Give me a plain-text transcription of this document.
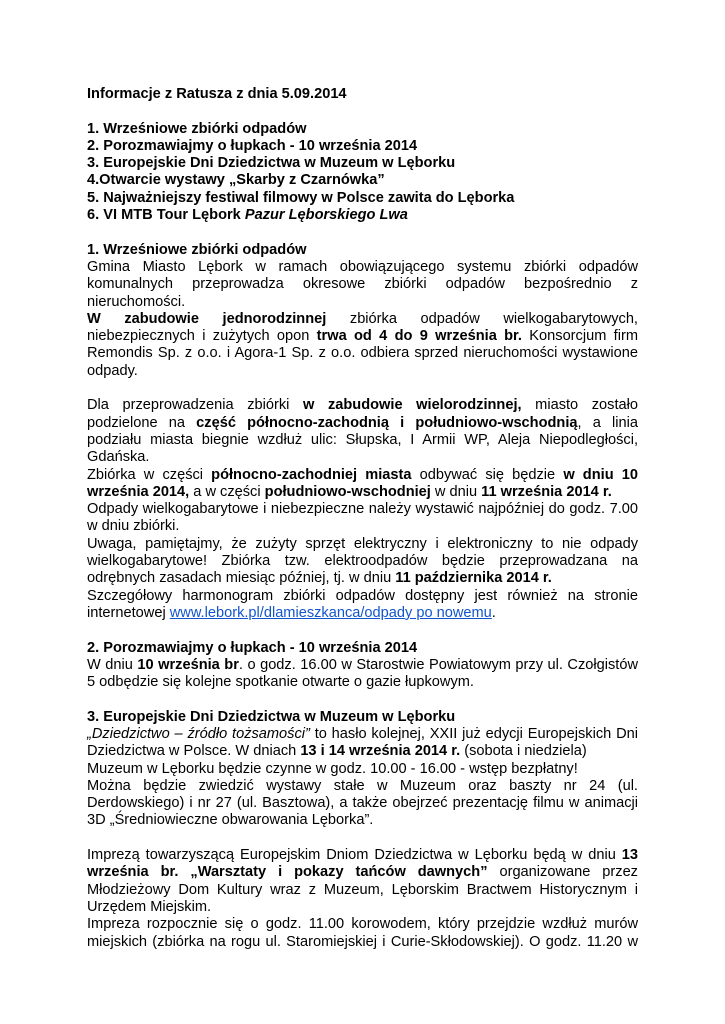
Informacje z Ratusza z dnia 5.09.2014

1. Wrześniowe zbiórki odpadów

2. Porozmawiajmy o łupkach - 10 września 2014

3. Europejskie Dni Dziedzictwa w Muzeum w Lęborku

4.Otwarcie wystawy „Skarby z Czarnówka”

5. Najważniejszy festiwal filmowy w Polsce zawita do Lęborka

6. VI MTB Tour Lębork Pazur Lęborskiego Lwa

1. Wrześniowe zbiórki odpadów

Gmina Miasto Lębork w ramach obowiązującego systemu zbiórki odpadów komunalnych przeprowadza okresowe zbiórki odpadów bezpośrednio z nieruchomości.

W zabudowie jednorodzinnej zbiórka odpadów wielkogabarytowych, niebezpiecznych i zużytych opon trwa od 4 do 9 września br. Konsorcjum firm Remondis Sp. z o.o. i Agora-1 Sp. z o.o. odbiera sprzed nieruchomości wystawione odpady.

Dla przeprowadzenia zbiórki w zabudowie wielorodzinnej, miasto zostało podzielone na część północno-zachodnią i południowo-wschodnią, a linia podziału miasta biegnie wzdłuż ulic: Słupska, I Armii WP, Aleja Niepodległości, Gdańska.

Zbiórka w części północno-zachodniej miasta odbywać się będzie w dniu 10 września 2014, a w części południowo-wschodniej w dniu 11 września 2014 r.

Odpady wielkogabarytowe i niebezpieczne należy wystawić najpóźniej do godz. 7.00 w dniu zbiórki.

Uwaga, pamiętajmy, że zużyty sprzęt elektryczny i elektroniczny to nie odpady wielkogabarytowe! Zbiórka tzw. elektroodpadów będzie przeprowadzana na odrębnych zasadach miesiąc później, tj. w dniu 11 października 2014 r.

Szczegółowy harmonogram zbiórki odpadów dostępny jest również na stronie internetowej www.lebork.pl/dlamieszkanca/odpady po nowemu.

2. Porozmawiajmy o łupkach - 10 września 2014

W dniu 10 września br. o godz. 16.00 w Starostwie Powiatowym przy ul. Czołgistów 5 odbędzie się kolejne spotkanie otwarte o gazie łupkowym.

3. Europejskie Dni Dziedzictwa w Muzeum w Lęborku

„Dziedzictwo – źródło tożsamości” to hasło kolejnej, XXII już edycji Europejskich Dni Dziedzictwa w Polsce. W dniach 13 i 14 września 2014 r. (sobota i niedziela)

Muzeum w Lęborku będzie czynne w godz. 10.00 - 16.00 - wstęp bezpłatny!

Można będzie zwiedzić wystawy stałe w Muzeum oraz baszty nr 24 (ul. Derdowskiego) i nr 27 (ul. Basztowa), a także obejrzeć prezentację filmu w animacji 3D „Średniowieczne obwarowania Lęborka”.

Imprezą towarzyszącą Europejskim Dniom Dziedzictwa w Lęborku będą w dniu 13 września br. „Warsztaty i pokazy tańców dawnych” organizowane przez Młodzieżowy Dom Kultury wraz z Muzeum, Lęborskim Bractwem Historycznym i Urzędem Miejskim.

Impreza rozpocznie się o godz. 11.00 korowodem, który przejdzie wzdłuż murów miejskich (zbiórka na rogu ul. Staromiejskiej i Curie-Skłodowskiej). O godz. 11.20 w
